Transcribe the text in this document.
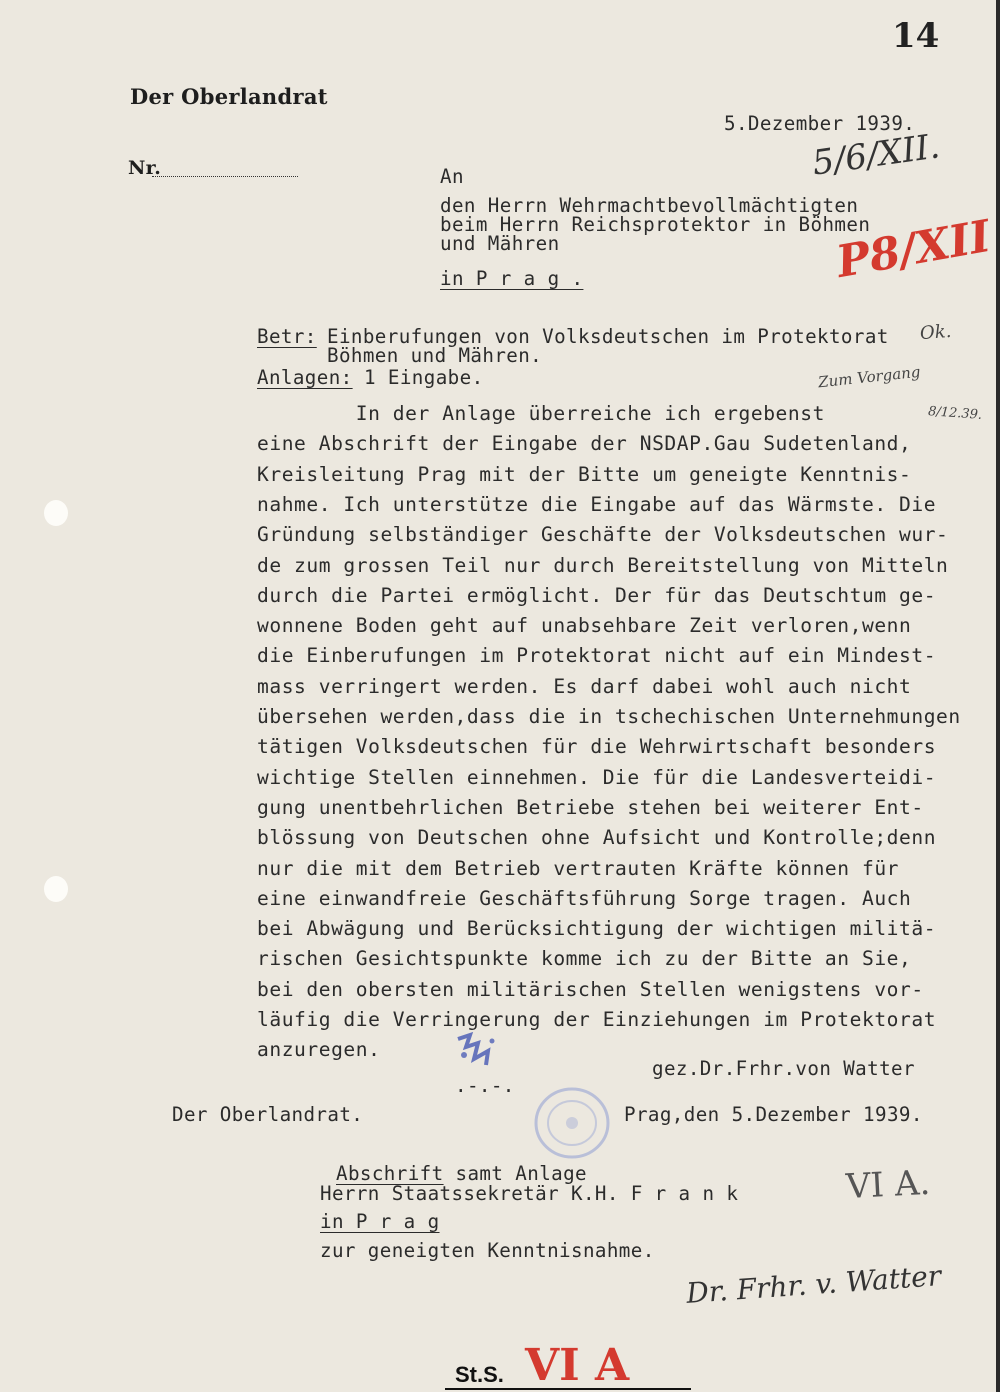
14
Der Oberlandrat
Nr.
5.Dezember 1939.
An
den Herrn Wehrmachtbevollmächtigten
beim Herrn Reichsprotektor in Böhmen
und Mähren
in P r a g .
Betr: Einberufungen von Volksdeutschen im Protektorat
Böhmen und Mähren.
Anlagen: 1 Eingabe.
In der Anlage überreiche ich ergebenst
eine Abschrift der Eingabe der NSDAP.Gau Sudetenland,
Kreisleitung Prag mit der Bitte um geneigte Kenntnis-
nahme. Ich unterstütze die Eingabe auf das Wärmste. Die
Gründung selbständiger Geschäfte der Volksdeutschen wur-
de zum grossen Teil nur durch Bereitstellung von Mitteln
durch die Partei ermöglicht. Der für das Deutschtum ge-
wonnene Boden geht auf unabsehbare Zeit verloren,wenn
die Einberufungen im Protektorat nicht auf ein Mindest-
mass verringert werden. Es darf dabei wohl auch nicht
übersehen werden,dass die in tschechischen Unternehmungen
tätigen Volksdeutschen für die Wehrwirtschaft besonders
wichtige Stellen einnehmen. Die für die Landesverteidi-
gung unentbehrlichen Betriebe stehen bei weiterer Ent-
blössung von Deutschen ohne Aufsicht und Kontrolle;denn
nur die mit dem Betrieb vertrauten Kräfte können für
eine einwandfreie Geschäftsführung Sorge tragen. Auch
bei Abwägung und Berücksichtigung der wichtigen militä-
rischen Gesichtspunkte komme ich zu der Bitte an Sie,
bei den obersten militärischen Stellen wenigstens vor-
läufig die Verringerung der Einziehungen im Protektorat
anzuregen.
gez.Dr.Frhr.von Watter
.-.-.
Der Oberlandrat.	Prag,den 5.Dezember 1939.

Abschrift samt Anlage

Herrn Staatssekretär K.H. F r a n k
in P r a g
zur geneigten Kenntnisnahme.
St.S.
5/6/XII.
P8/XII
Zum Vorgang
8/12.39.
Ok.
VI A.
VI A
Dr. Frhr. v. Watter
